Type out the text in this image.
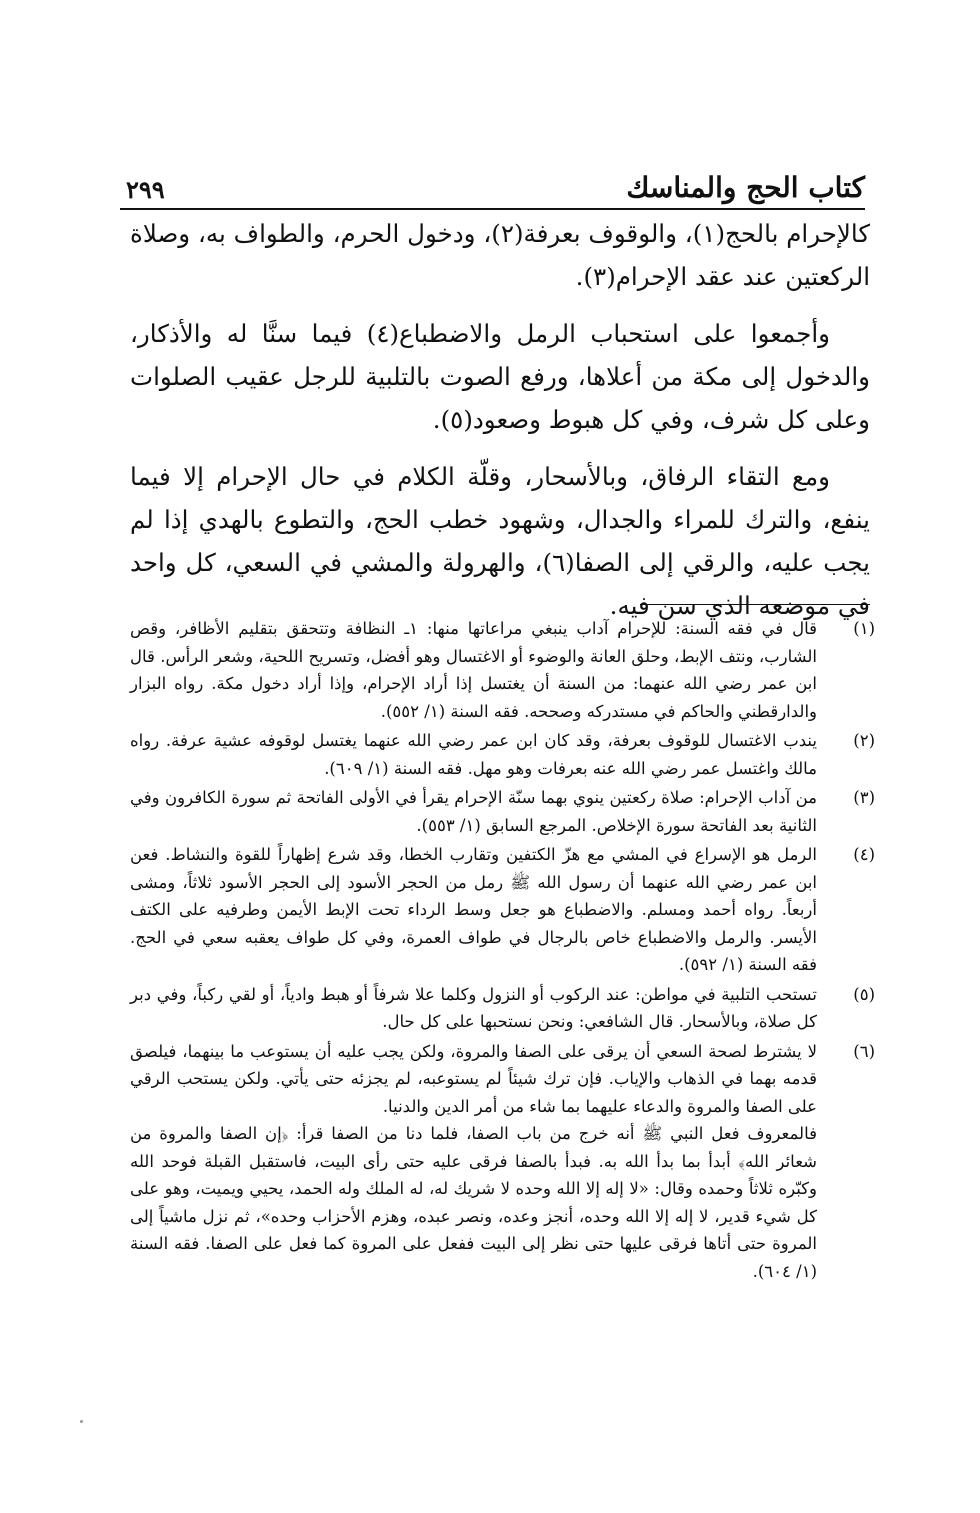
كتاب الحج والمناسك
٢٩٩

كالإحرام بالحج(١)، والوقوف بعرفة(٢)، ودخول الحرم، والطواف به، وصلاة الركعتين عند عقد الإحرام(٣).

وأجمعوا على استحباب الرمل والاضطباع(٤) فيما سنَّا له والأذكار، والدخول إلى مكة من أعلاها، ورفع الصوت بالتلبية للرجل عقيب الصلوات وعلى كل شرف، وفي كل هبوط وصعود(٥).

ومع التقاء الرفاق، وبالأسحار، وقلّة الكلام في حال الإحرام إلا فيما ينفع، والترك للمراء والجدال، وشهود خطب الحج، والتطوع بالهدي إذا لم يجب عليه، والرقي إلى الصفا(٦)، والهرولة والمشي في السعي، كل واحد في موضعه الذي سن فيه.

(١)
قال في فقه السنة: للإحرام آداب ينبغي مراعاتها منها: ١ـ النظافة وتتحقق بتقليم الأظافر، وقص الشارب، ونتف الإبط، وحلق العانة والوضوء أو الاغتسال وهو أفضل، وتسريح اللحية، وشعر الرأس. قال ابن عمر رضي الله عنهما: من السنة أن يغتسل إذا أراد الإحرام، وإذا أراد دخول مكة. رواه البزار والدارقطني والحاكم في مستدركه وصححه. فقه السنة (١/ ٥٥٢).
(٢)
يندب الاغتسال للوقوف بعرفة، وقد كان ابن عمر رضي الله عنهما يغتسل لوقوفه عشية عرفة. رواه مالك واغتسل عمر رضي الله عنه بعرفات وهو مهل. فقه السنة (١/ ٦٠٩).
(٣)
من آداب الإحرام: صلاة ركعتين ينوي بهما سنّة الإحرام يقرأ في الأولى الفاتحة ثم سورة الكافرون وفي الثانية بعد الفاتحة سورة الإخلاص. المرجع السابق (١/ ٥٥٣).
(٤)
الرمل هو الإسراع في المشي مع هزّ الكتفين وتقارب الخطا، وقد شرع إظهاراً للقوة والنشاط. فعن ابن عمر رضي الله عنهما أن رسول الله ﷺ رمل من الحجر الأسود إلى الحجر الأسود ثلاثاً، ومشى أربعاً. رواه أحمد ومسلم. والاضطباع هو جعل وسط الرداء تحت الإبط الأيمن وطرفيه على الكتف الأيسر. والرمل والاضطباع خاص بالرجال في طواف العمرة، وفي كل طواف يعقبه سعي في الحج. فقه السنة (١/ ٥٩٢).
(٥)
تستحب التلبية في مواطن: عند الركوب أو النزول وكلما علا شرفاً أو هبط وادياً، أو لقي ركباً، وفي دبر كل صلاة، وبالأسحار. قال الشافعي: ونحن نستحبها على كل حال.
(٦)
لا يشترط لصحة السعي أن يرقى على الصفا والمروة، ولكن يجب عليه أن يستوعب ما بينهما، فيلصق قدمه بهما في الذهاب والإياب. فإن ترك شيئاً لم يستوعبه، لم يجزئه حتى يأتي. ولكن يستحب الرقي على الصفا والمروة والدعاء عليهما بما شاء من أمر الدين والدنيا.
فالمعروف فعل النبي ﷺ أنه خرج من باب الصفا، فلما دنا من الصفا قرأ: ﴿إن الصفا والمروة من شعائر الله﴾ أبدأ بما بدأ الله به. فبدأ بالصفا فرقى عليه حتى رأى البيت، فاستقبل القبلة فوحد الله وكبّره ثلاثاً وحمده وقال: «لا إله إلا الله وحده لا شريك له، له الملك وله الحمد، يحيي ويميت، وهو على كل شيء قدير، لا إله إلا الله وحده، أنجز وعده، ونصر عبده، وهزم الأحزاب وحده»، ثم نزل ماشياً إلى المروة حتى أتاها فرقى عليها حتى نظر إلى البيت ففعل على المروة كما فعل على الصفا. فقه السنة (١/ ٦٠٤).
